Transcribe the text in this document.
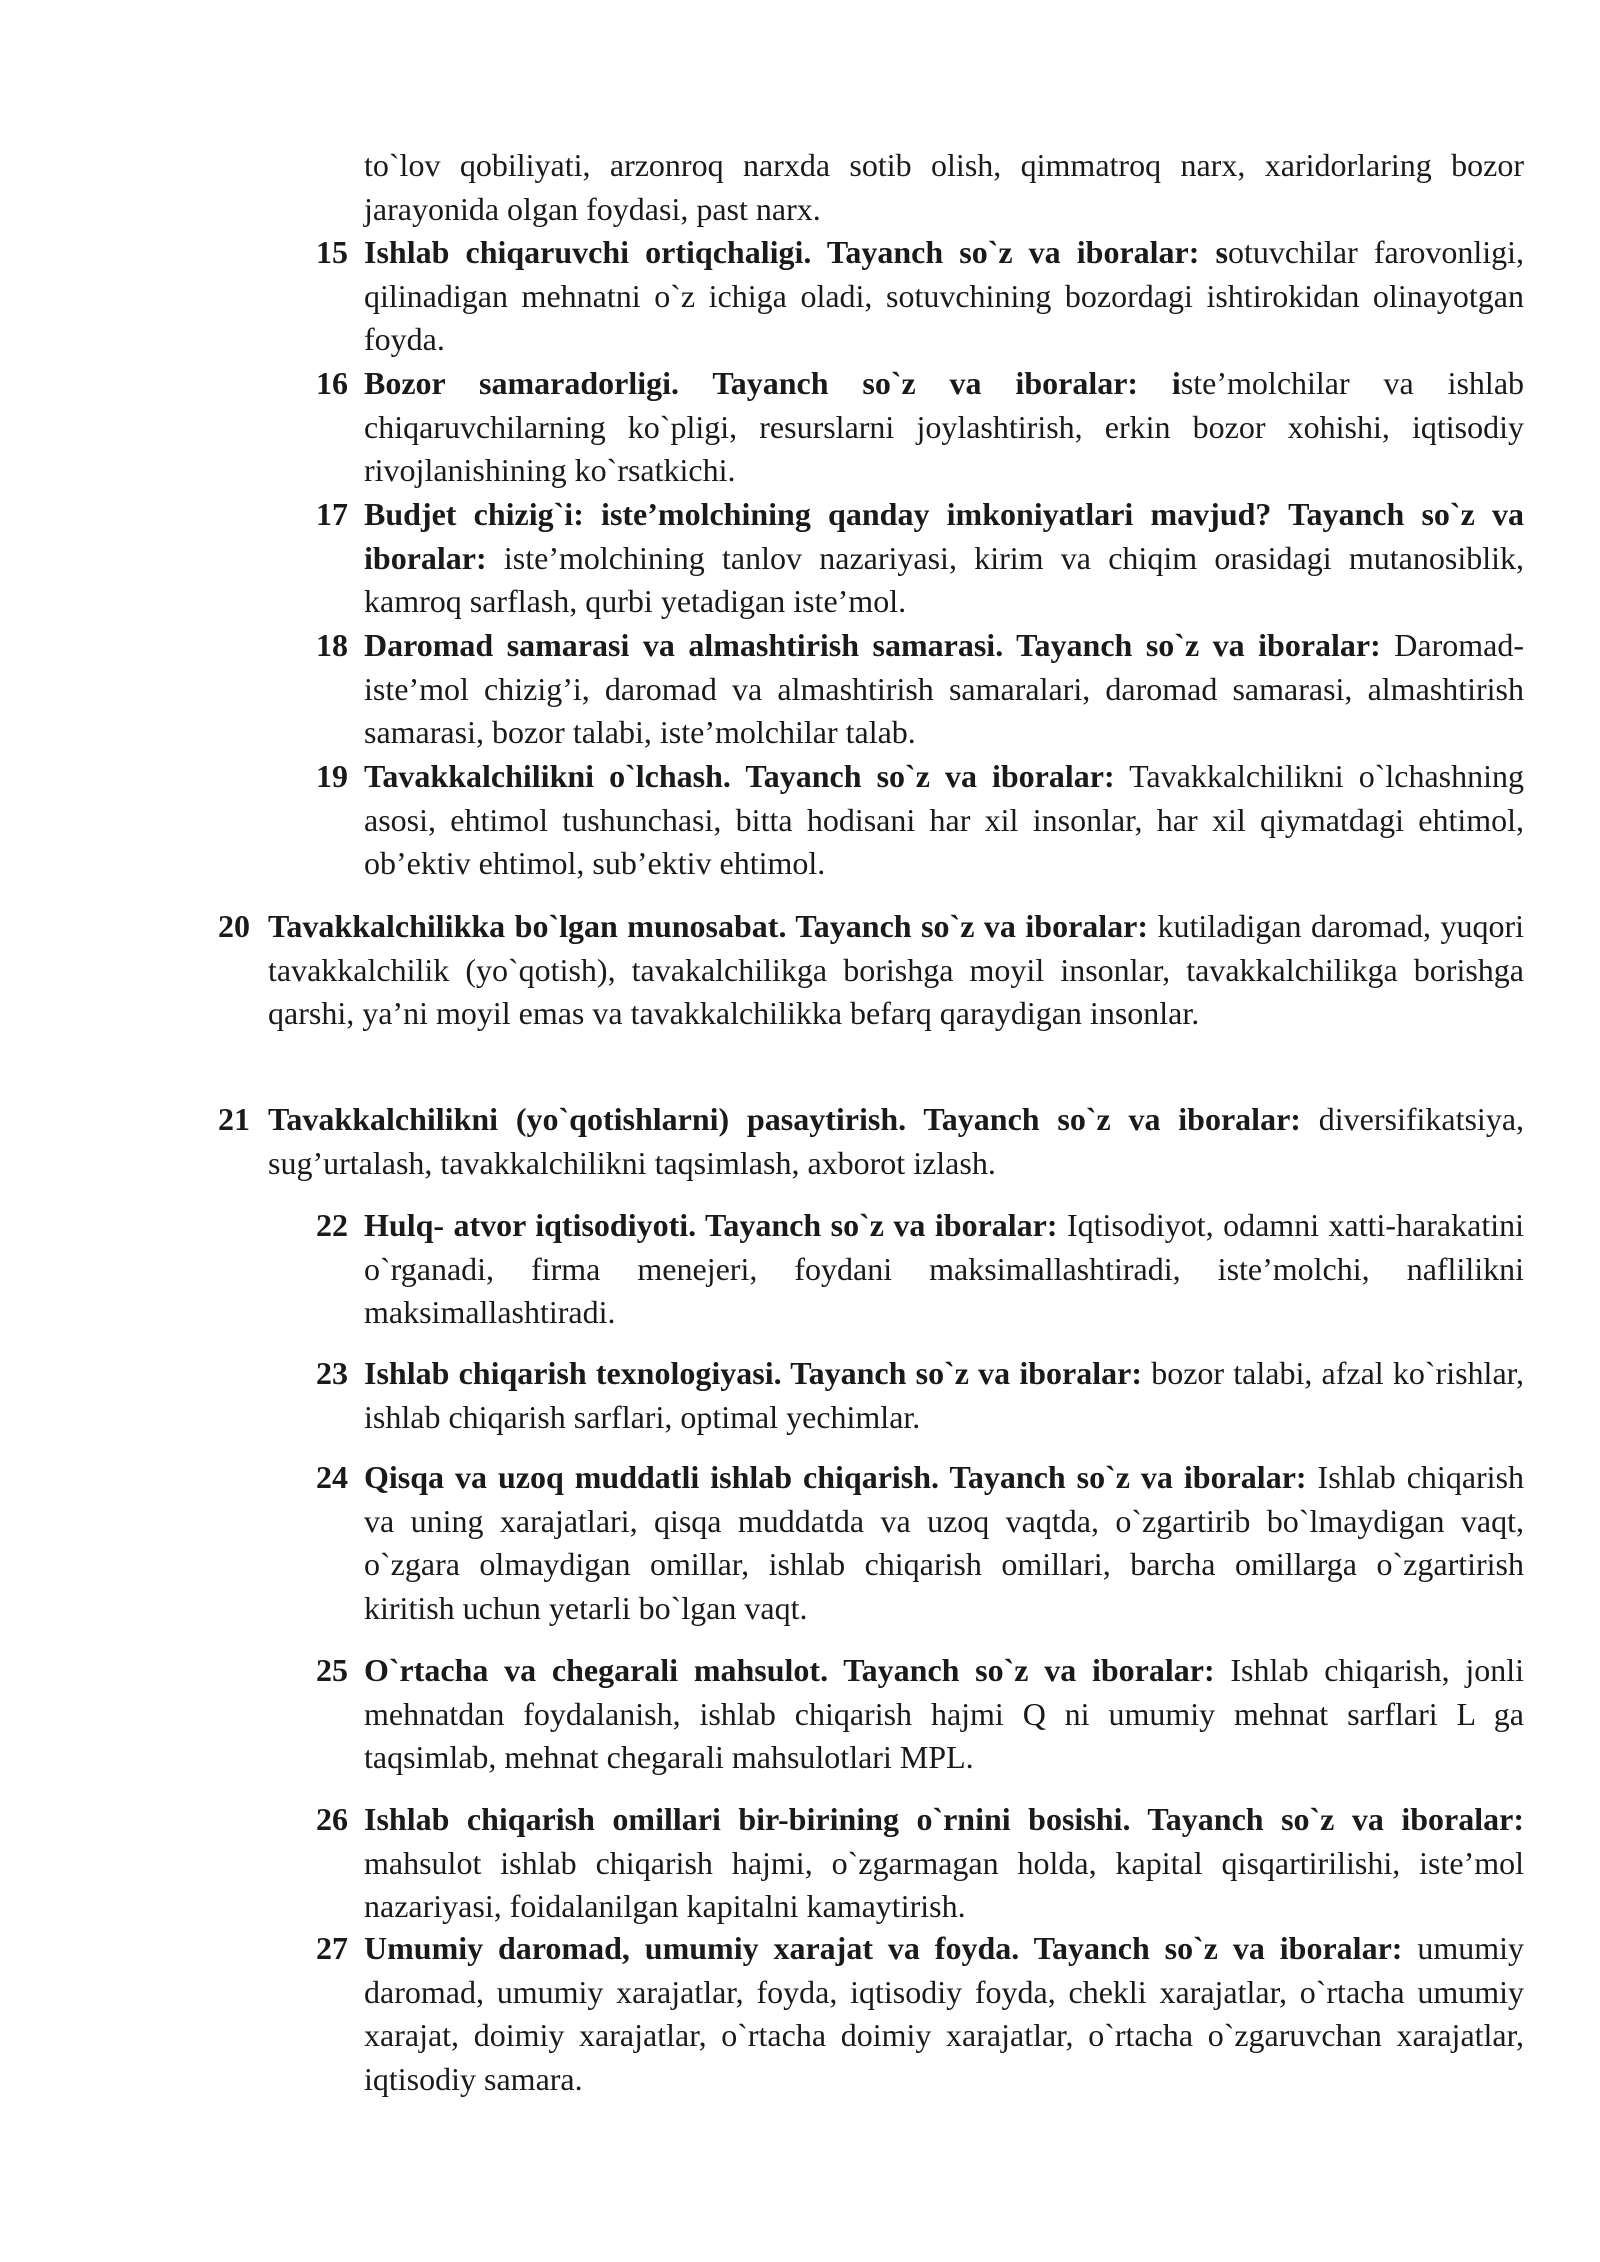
to`lov qobiliyati, arzonroq narxda sotib olish, qimmatroq narx, xaridorlaring bozor jarayonida olgan foydasi, past narx.
15 Ishlab chiqaruvchi ortiqchaligi. Tayanch so`z va iboralar: sotuvchilar farovonligi, qilinadigan mehnatni o`z ichiga oladi, sotuvchining bozordagi ishtirokidan olinayotgan foyda.
16 Bozor samaradorligi. Tayanch so`z va iboralar: iste’molchilar va ishlab chiqaruvchilarning ko`pligi, resurslarni joylashtirish, erkin bozor xohishi, iqtisodiy rivojlanishining ko`rsatkichi.
17 Budjet chizig`i: iste’molchining qanday imkoniyatlari mavjud? Tayanch so`z va iboralar: iste’molchining tanlov nazariyasi, kirim va chiqim orasidagi mutanosiblik, kamroq sarflash, qurbi yetadigan iste’mol.
18 Daromad samarasi va almashtirish samarasi. Tayanch so`z va iboralar: Daromad-iste’mol chizig’i, daromad va almashtirish samaralari, daromad samarasi, almashtirish samarasi, bozor talabi, iste’molchilar talab.
19 Tavakkalchilikni o`lchash. Tayanch so`z va iboralar: Tavakkalchilikni o`lchashning asosi, ehtimol tushunchasi, bitta hodisani har xil insonlar, har xil qiymatdagi ehtimol, ob’ektiv ehtimol, sub’ektiv ehtimol.
20 Tavakkalchilikka bo`lgan munosabat. Tayanch so`z va iboralar: kutiladigan daromad, yuqori tavakkalchilik (yo`qotish), tavakalchilikga borishga moyil insonlar, tavakkalchilikga borishga qarshi, ya’ni moyil emas va tavakkalchilikka befarq qaraydigan insonlar.
21 Tavakkalchilikni (yo`qotishlarni) pasaytirish. Tayanch so`z va iboralar: diversifikatsiya, sug’urtalash, tavakkalchilikni taqsimlash, axborot izlash.
22 Hulq- atvor iqtisodiyoti. Tayanch so`z va iboralar: Iqtisodiyot, odamni xatti-harakatini o`rganadi, firma menejeri, foydani maksimallashtiradi, iste’molchi, naflilikni maksimallashtiradi.
23 Ishlab chiqarish texnologiyasi. Tayanch so`z va iboralar: bozor talabi, afzal ko`rishlar, ishlab chiqarish sarflari, optimal yechimlar.
24 Qisqa va uzoq muddatli ishlab chiqarish. Tayanch so`z va iboralar: Ishlab chiqarish va uning xarajatlari, qisqa muddatda va uzoq vaqtda, o`zgartirib bo`lmaydigan vaqt, o`zgara olmaydigan omillar, ishlab chiqarish omillari, barcha omillarga o`zgartirish kiritish uchun yetarli bo`lgan vaqt.
25 O`rtacha va chegarali mahsulot. Tayanch so`z va iboralar: Ishlab chiqarish, jonli mehnatdan foydalanish, ishlab chiqarish hajmi Q ni umumiy mehnat sarflari L ga taqsimlab, mehnat chegarali mahsulotlari MPL.
26 Ishlab chiqarish omillari bir-birining o`rnini bosishi. Tayanch so`z va iboralar: mahsulot ishlab chiqarish hajmi, o`zgarmagan holda, kapital qisqartirilishi, iste’mol nazariyasi, foidalanilgan kapitalni kamaytirish.
27 Umumiy daromad, umumiy xarajat va foyda. Tayanch so`z va iboralar: umumiy daromad, umumiy xarajatlar, foyda, iqtisodiy foyda, chekli xarajatlar, o`rtacha umumiy xarajat, doimiy xarajatlar, o`rtacha doimiy xarajatlar, o`rtacha o`zgaruvchan xarajatlar, iqtisodiy samara.
